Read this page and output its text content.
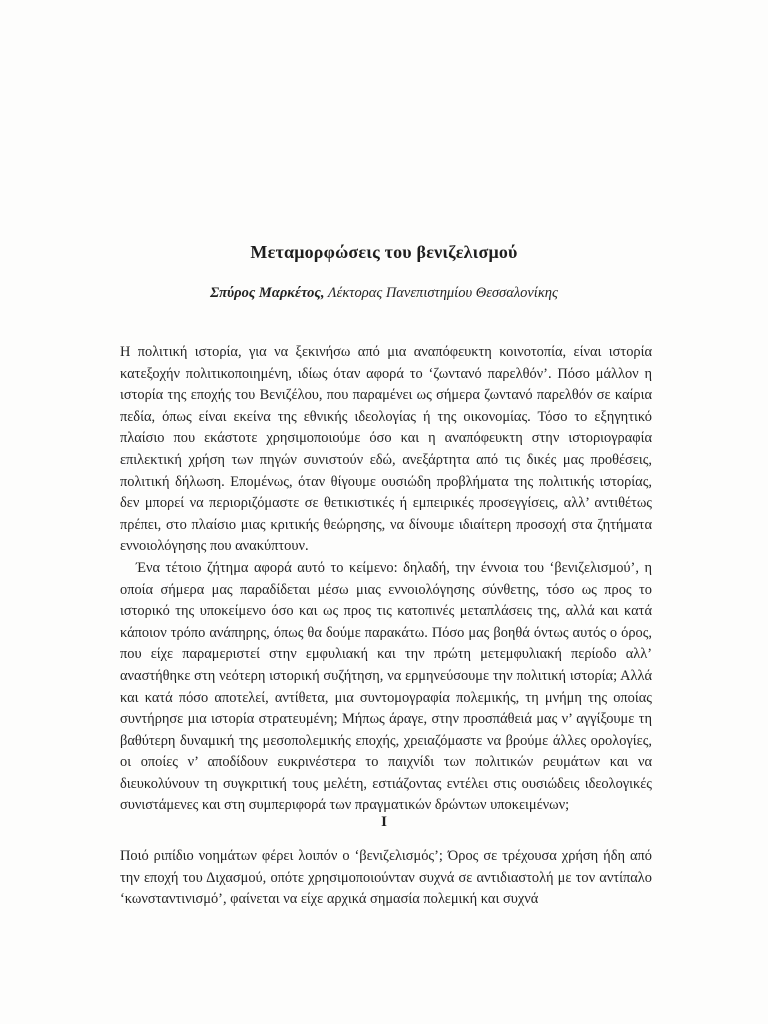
Μεταμορφώσεις του βενιζελισμού
Σπύρος Μαρκέτος, Λέκτορας Πανεπιστημίου Θεσσαλονίκης

Η πολιτική ιστορία, για να ξεκινήσω από μια αναπόφευκτη κοινοτοπία, είναι ιστορία κατεξοχήν πολιτικοποιημένη, ιδίως όταν αφορά το ‘ζωντανό παρελθόν’. Πόσο μάλλον η ιστορία της εποχής του Βενιζέλου, που παραμένει ως σήμερα ζωντανό παρελθόν σε καίρια πεδία, όπως είναι εκείνα της εθνικής ιδεολογίας ή της οικονομίας. Τόσο το εξηγητικό πλαίσιο που εκάστοτε χρησιμοποιούμε όσο και η αναπόφευκτη στην ιστοριογραφία επιλεκτική χρήση των πηγών συνιστούν εδώ, ανεξάρτητα από τις δικές μας προθέσεις, πολιτική δήλωση. Επομένως, όταν θίγουμε ουσιώδη προβλήματα της πολιτικής ιστορίας, δεν μπορεί να περιοριζόμαστε σε θετικιστικές ή εμπειρικές προσεγγίσεις, αλλ’ αντιθέτως πρέπει, στο πλαίσιο μιας κριτικής θεώρησης, να δίνουμε ιδιαίτερη προσοχή στα ζητήματα εννοιολόγησης που ανακύπτουν.

Ένα τέτοιο ζήτημα αφορά αυτό το κείμενο: δηλαδή, την έννοια του ‘βενιζελισμού’, η οποία σήμερα μας παραδίδεται μέσω μιας εννοιολόγησης σύνθετης, τόσο ως προς το ιστορικό της υποκείμενο όσο και ως προς τις κατοπινές μεταπλάσεις της, αλλά και κατά κάποιον τρόπο ανάπηρης, όπως θα δούμε παρακάτω. Πόσο μας βοηθά όντως αυτός ο όρος, που είχε παραμεριστεί στην εμφυλιακή και την πρώτη μετεμφυλιακή περίοδο αλλ’ αναστήθηκε στη νεότερη ιστορική συζήτηση, να ερμηνεύσουμε την πολιτική ιστορία; Αλλά και κατά πόσο αποτελεί, αντίθετα, μια συντομογραφία πολεμικής, τη μνήμη της οποίας συντήρησε μια ιστορία στρατευμένη; Μήπως άραγε, στην προσπάθειά μας ν’ αγγίξουμε τη βαθύτερη δυναμική της μεσοπολεμικής εποχής, χρειαζόμαστε να βρούμε άλλες ορολογίες, οι οποίες ν’ αποδίδουν ευκρινέστερα το παιχνίδι των πολιτικών ρευμάτων και να διευκολύνουν τη συγκριτική τους μελέτη, εστιάζοντας εντέλει στις ουσιώδεις ιδεολογικές συνιστάμενες και στη συμπεριφορά των πραγματικών δρώντων υποκειμένων;

I

Ποιό ριπίδιο νοημάτων φέρει λοιπόν ο ‘βενιζελισμός’; Όρος σε τρέχουσα χρήση ήδη από την εποχή του Διχασμού, οπότε χρησιμοποιούνταν συχνά σε αντιδιαστολή με τον αντίπαλο ‘κωνσταντινισμό’, φαίνεται να είχε αρχικά σημασία πολεμική και συχνά
